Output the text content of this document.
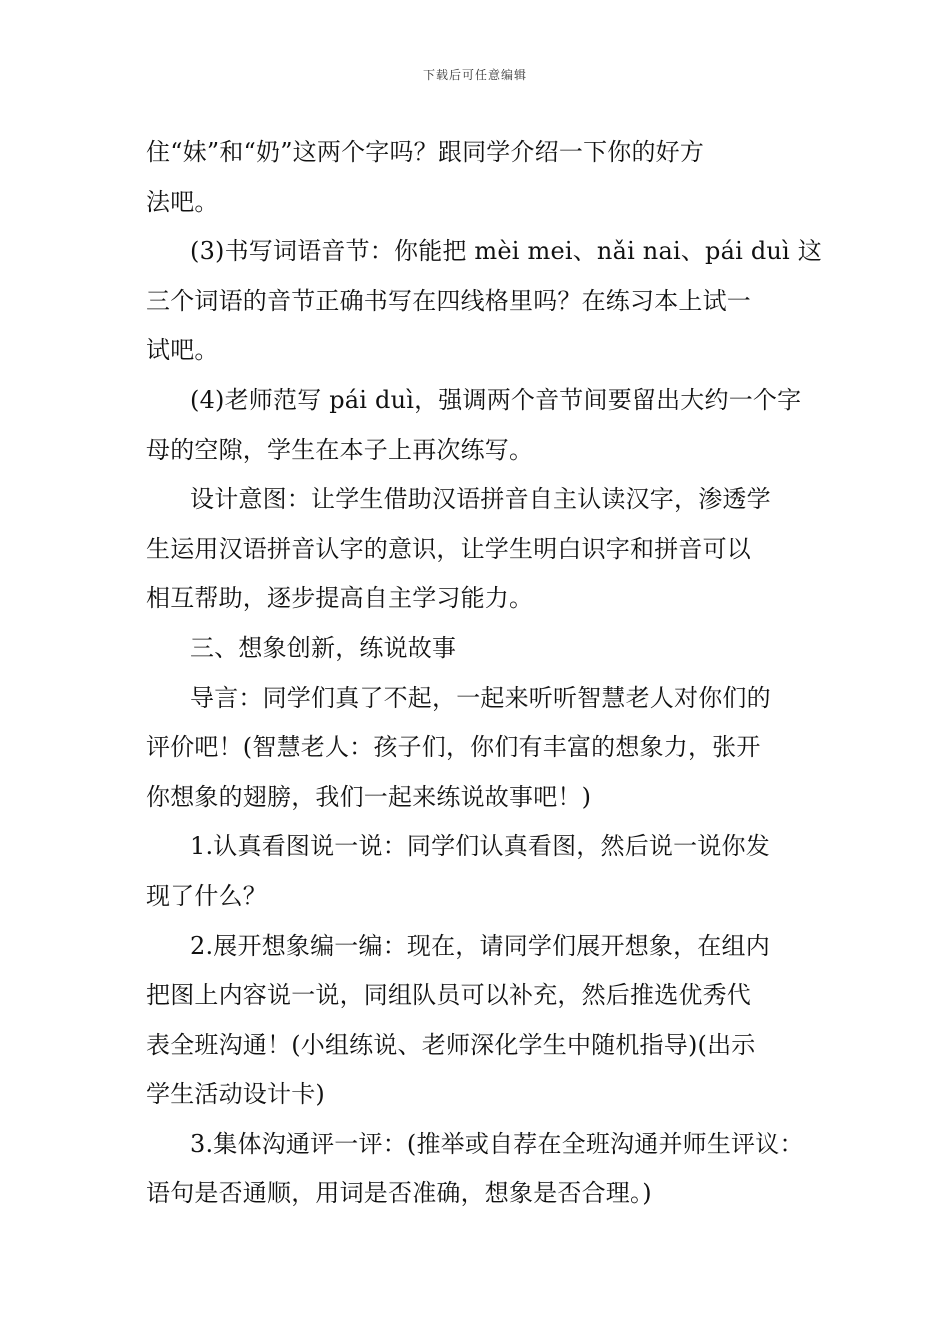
下载后可任意编辑
住“妹”和“奶”这两个字吗？跟同学介绍一下你的好方
法吧。
(3)书写词语音节：你能把 mèi mei、nǎi nai、pái duì 这
三个词语的音节正确书写在四线格里吗？在练习本上试一
试吧。
(4)老师范写 pái duì，强调两个音节间要留出大约一个字
母的空隙，学生在本子上再次练写。
设计意图：让学生借助汉语拼音自主认读汉字，渗透学
生运用汉语拼音认字的意识，让学生明白识字和拼音可以
相互帮助，逐步提高自主学习能力。
三、想象创新，练说故事
导言：同学们真了不起，一起来听听智慧老人对你们的
评价吧！(智慧老人：孩子们，你们有丰富的想象力，张开
你想象的翅膀，我们一起来练说故事吧！)
1.认真看图说一说：同学们认真看图，然后说一说你发
现了什么？
2.展开想象编一编：现在，请同学们展开想象，在组内
把图上内容说一说，同组队员可以补充，然后推选优秀代
表全班沟通！(小组练说、老师深化学生中随机指导)(出示
学生活动设计卡)
3.集体沟通评一评：(推举或自荐在全班沟通并师生评议：
语句是否通顺，用词是否准确，想象是否合理。)
